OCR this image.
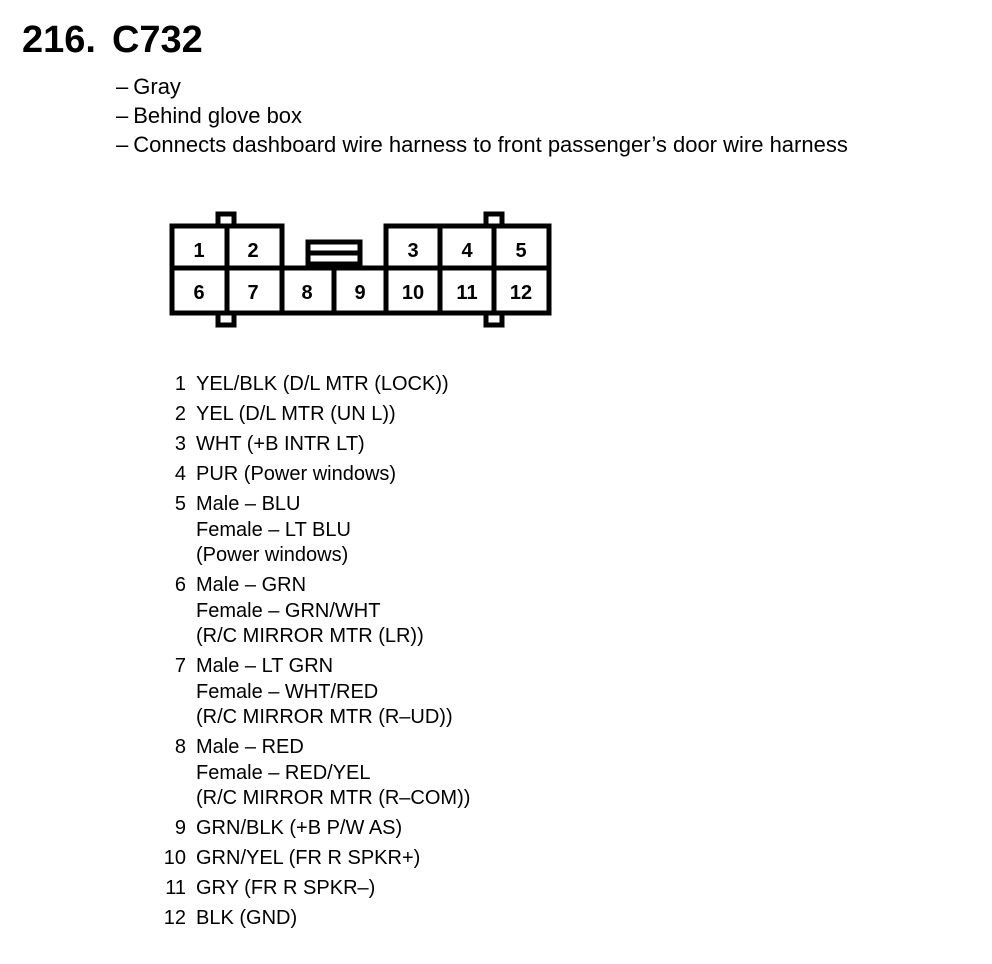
216. C732
– Gray
– Behind glove box
– Connects dashboard wire harness to front passenger’s door wire harness
1 2	3 4 5
6 7 8 9 10 11 12
1 YEL/BLK (D/L MTR (LOCK))
2 YEL (D/L MTR (UN L))
3 WHT (+B INTR LT)
4 PUR (Power windows)
5 Male – BLU
Female – LT BLU
(Power windows)
6 Male – GRN
Female – GRN/WHT
(R/C MIRROR MTR (LR))
7 Male – LT GRN
Female – WHT/RED
(R/C MIRROR MTR (R–UD))
8 Male – RED
Female – RED/YEL
(R/C MIRROR MTR (R–COM))
9 GRN/BLK (+B P/W AS)
10 GRN/YEL (FR R SPKR+)
11 GRY (FR R SPKR–)
12 BLK (GND)
